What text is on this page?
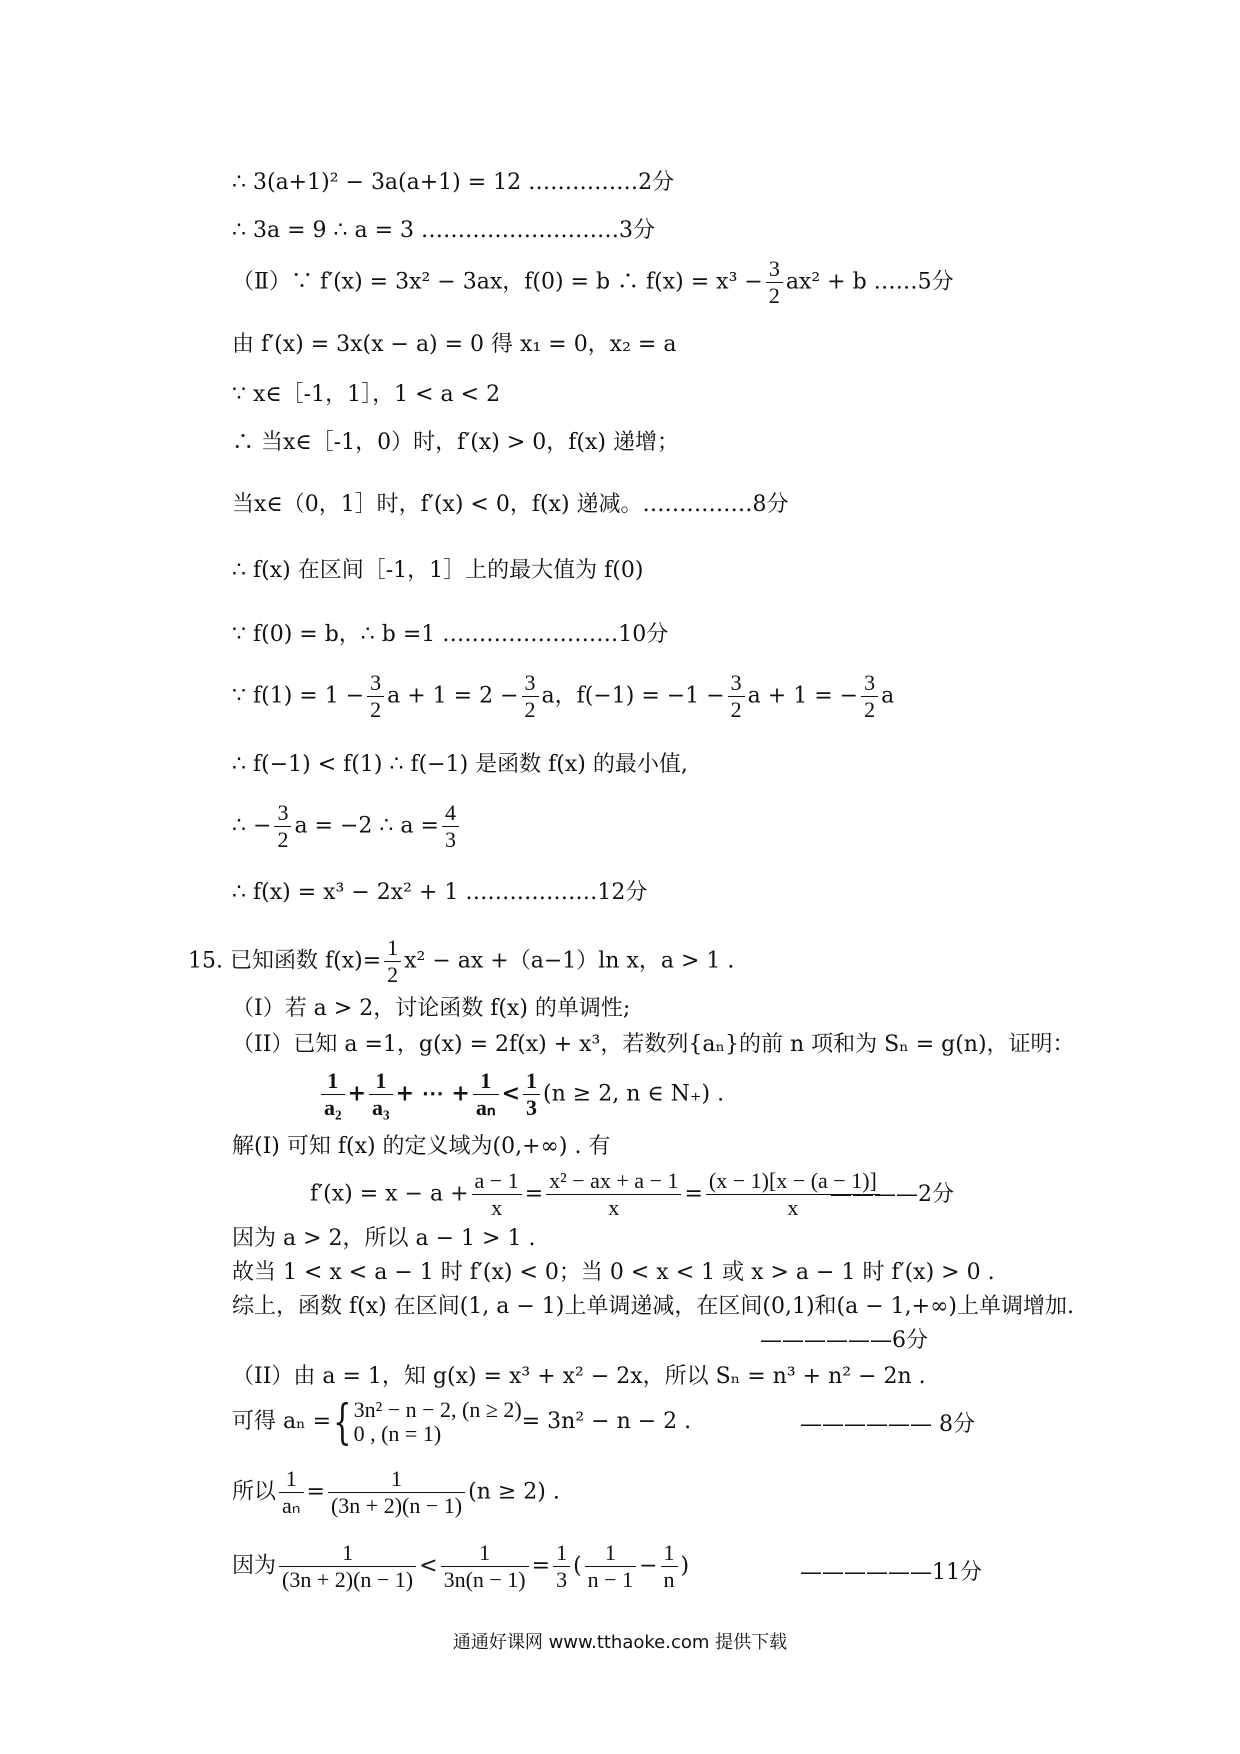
∴ 3(a+1)² − 3a(a+1) = 12 ……………2分
∴ 3a = 9 ∴ a = 3 ………………………3分
（Ⅱ）∵ f′(x) = 3x² − 3ax，f(0) = b ∴ $f(x) = x^3 - \frac{3}{2} ax^2 + b$ ……5分
由 f′(x) = 3x(x − a) = 0 得 x₁ = 0，x₂ = a
∵ x∈［-1，1］，1 < a < 2
∴ 当x∈［-1，0）时，f′(x) > 0，f(x) 递增；
当x∈（0，1］时，f′(x) < 0，f(x) 递减。……………8分
∴ f(x) 在区间［-1，1］上的最大值为 f(0)
∵ f(0) = b，∴ b =1 ……………………10分
∵ $f(1) = 1 - \frac{3}{2}$ $a + 1 = 2 - \frac{3}{2}$ a，$f(-1) = -1 - \frac{3}{2}$ a + 1 = − $\frac{3}{2}$ a
∴ f(−1) < f(1) ∴ f(−1) 是函数 f(x) 的最小值,
∴ − $\frac{3}{2}$ a = −2 ∴ $a = \frac{4}{3}$
∴ f(x) = x³ − 2x² + 1 ………………12分
15. 已知函数 $f(x)= \frac{1}{2} x^2$ − ax +（a−1）ln x，a > 1 .
（Ⅰ）若 a > 2，讨论函数 f(x) 的单调性;
（II）已知 a =1，g(x) = 2f(x) + x³，若数列{aₙ}的前 n 项和为 Sₙ = g(n)，证明：
$\frac{1}{\text{a₂}} + \frac{1}{\text{a₃}}$ + ⋯ + $\frac{1}{\text{aₙ}} < \frac{1}{3} (n \ge 2$, n ∈ N₊) .
解(Ⅰ) 可知 f(x) 的定义域为(0,+∞) . 有
$f'(x) = x - a + \frac{a - 1}{x} = \frac{\text{x² − ax + a − 1}}{x} = \frac{(x - 1)[x - (a - 1)]}{x}$
————2分
因为 a > 2，所以 a − 1 > 1 .
故当 1 < x < a − 1 时 f′(x) < 0；当 0 < x < 1 或 x > a − 1 时 f′(x) > 0 .
综上，函数 f(x) 在区间(1, a − 1)上单调递减，在区间(0,1)和(a − 1,+∞)上单调增加.
——————6分
（II）由 a = 1，知 g(x) = x³ + x² − 2x，所以 Sₙ = n³ + n² − 2n .
可得 aₙ ={ 3n² − n − 2, (n ≥ 2)
0 , (n = 1)	= 3n² − n − 2 .	—————— 8分
所以 $\frac{1}{\text{aₙ}} = \frac{1}{(3n + 2)(n - 1)} (n \ge 2)$ .
因为 $\frac{1}{(3n + 2)(n - 1)} < \frac{1}{3n(n - 1)} = \frac{1}{3}$ ( $\frac{1}{n - 1} - \frac{1}{n}$ )	——————11分
通通好课网 www.tthaoke.com 提供下载
